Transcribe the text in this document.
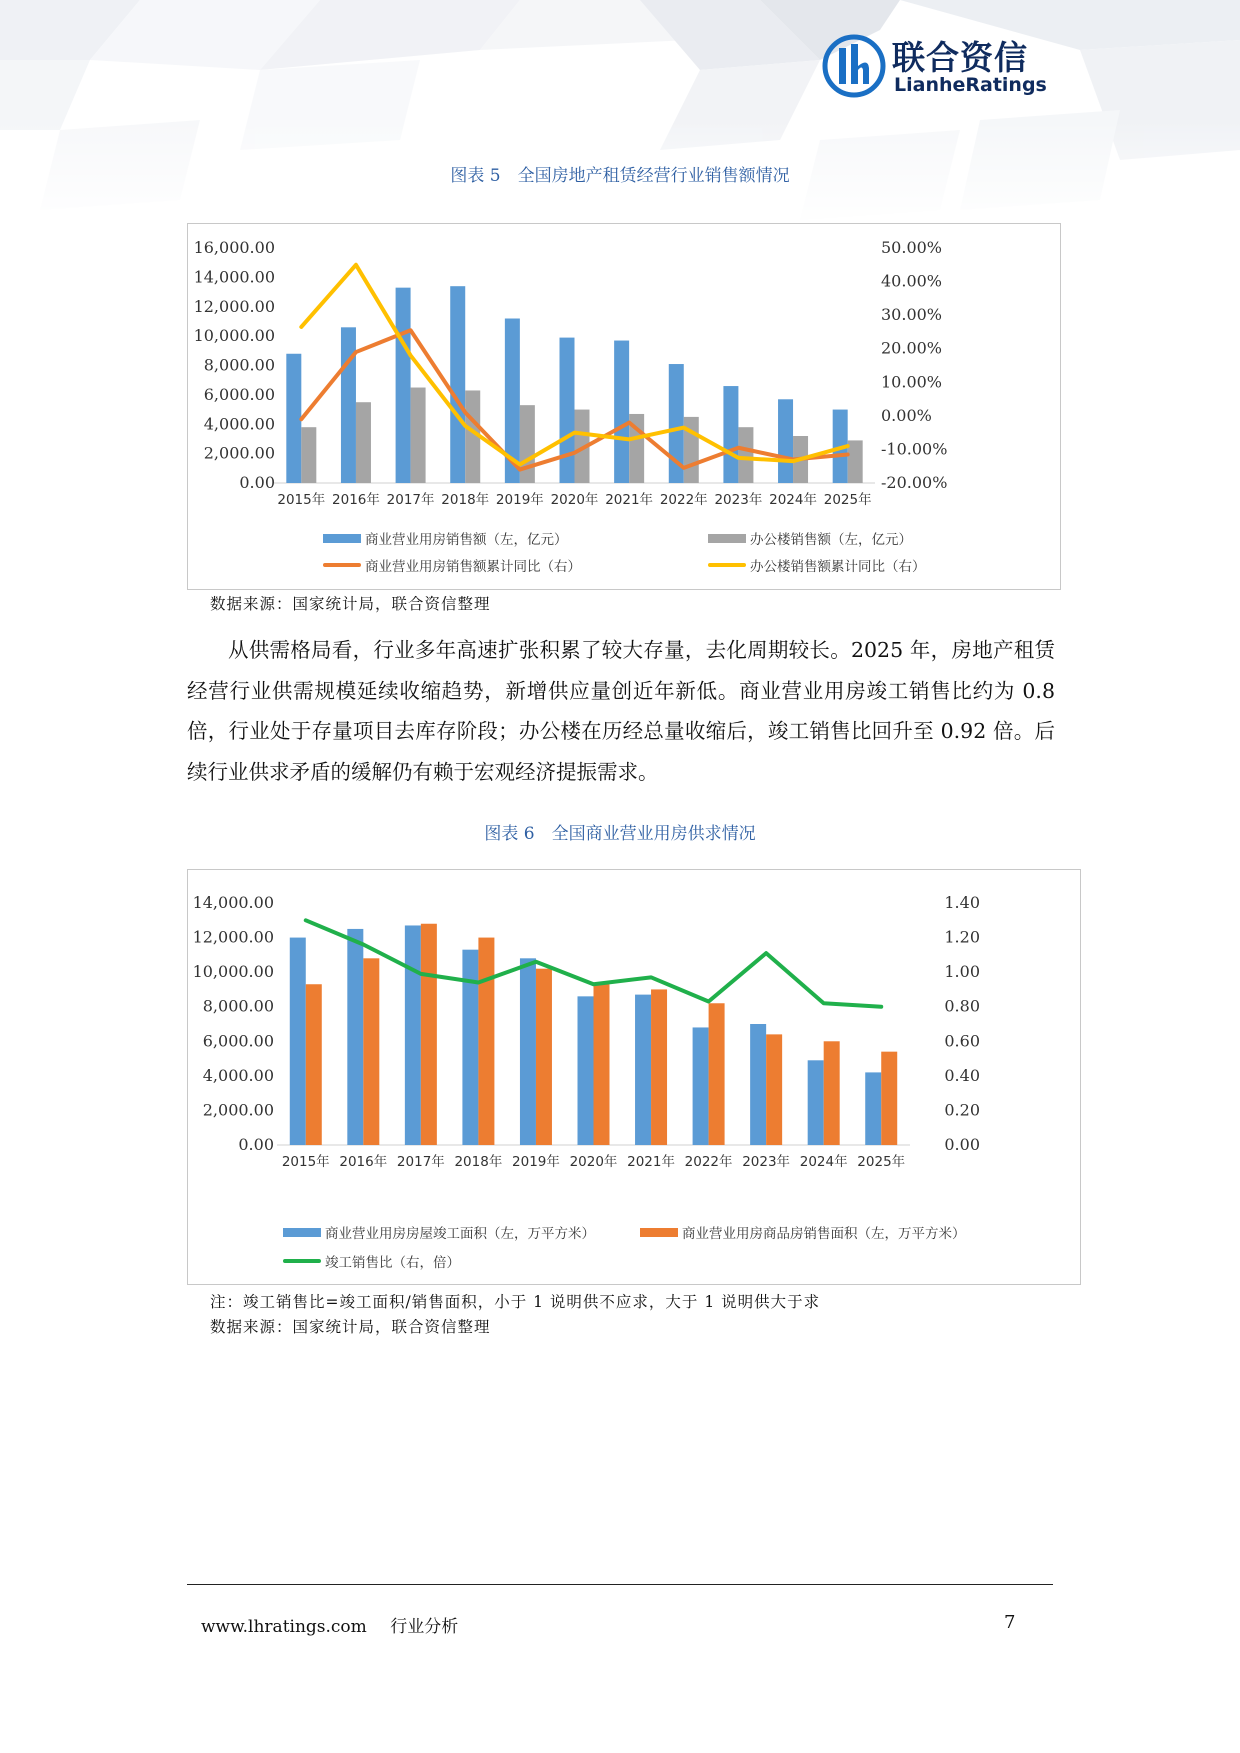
联合资信
LianheRatings
图表 5　全国房地产租赁经营行业销售额情况
16,000.00
14,000.00
12,000.00
10,000.00
8,000.00
6,000.00
4,000.00
2,000.00
0.00
50.00%
40.00%
30.00%
20.00%
10.00%
0.00%
-10.00%
-20.00%
2015年 2016年 2017年 2018年 2019年 2020年 2021年 2022年 2023年 2024年 2025年
商业营业用房销售额（左，亿元）	办公楼销售额（左，亿元）
商业营业用房销售额累计同比（右）	办公楼销售额累计同比（右）
数据来源：国家统计局，联合资信整理

从供需格局看，行业多年高速扩张积累了较大存量，去化周期较长。2025 年，房地产租赁经营行业供需规模延续收缩趋势，新增供应量创近年新低。商业营业用房竣工销售比约为 0.8 倍，行业处于存量项目去库存阶段；办公楼在历经总量收缩后，竣工销售比回升至 0.92 倍。后续行业供求矛盾的缓解仍有赖于宏观经济提振需求。

图表 6　全国商业营业用房供求情况
14,000.00
12,000.00
10,000.00
8,000.00
6,000.00
4,000.00
2,000.00
0.00
1.40
1.20
1.00
0.80
0.60
0.40
0.20
0.00
2015年 2016年 2017年 2018年 2019年 2020年 2021年 2022年 2023年 2024年 2025年
商业营业用房房屋竣工面积（左，万平方米）	商业营业用房商品房销售面积（左，万平方米）
竣工销售比（右，倍）
注：竣工销售比=竣工面积/销售面积，小于 1 说明供不应求，大于 1 说明供大于求
数据来源：国家统计局，联合资信整理
www.lhratings.com 行业分析	7
